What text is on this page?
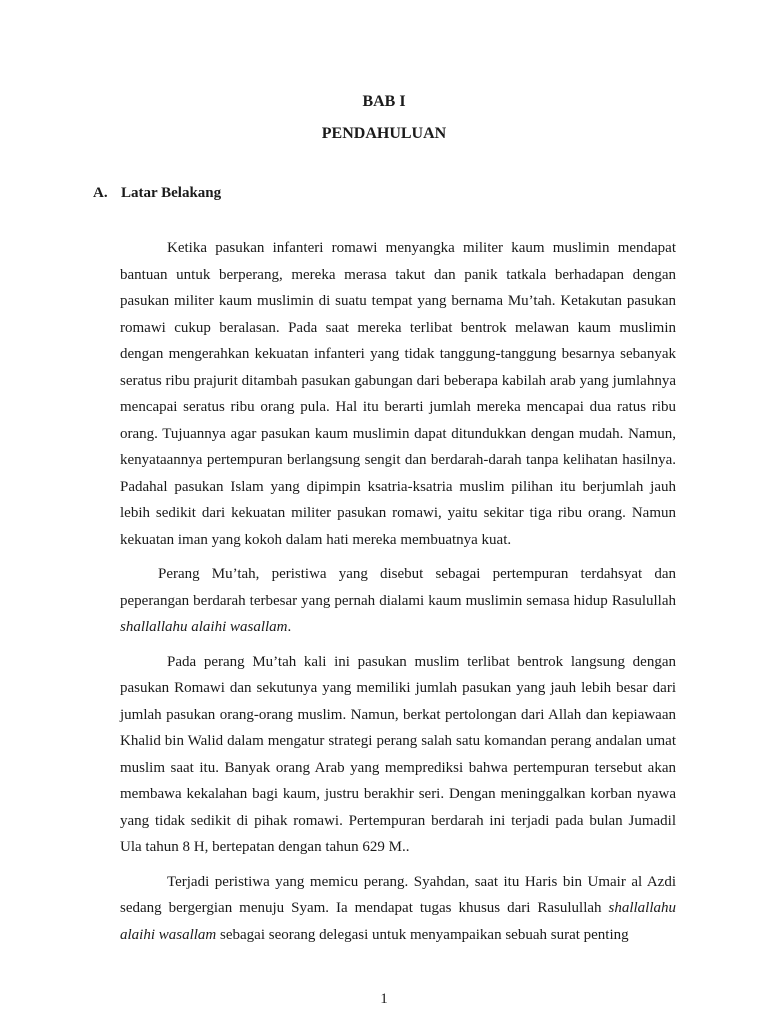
BAB I
PENDAHULUAN
A. Latar Belakang

Ketika pasukan infanteri romawi menyangka militer kaum muslimin mendapat bantuan untuk berperang, mereka merasa takut dan panik tatkala berhadapan dengan pasukan militer kaum muslimin di suatu tempat yang bernama Mu’tah. Ketakutan pasukan romawi cukup beralasan. Pada saat mereka terlibat bentrok melawan kaum muslimin dengan mengerahkan kekuatan infanteri yang tidak tanggung-tanggung besarnya sebanyak seratus ribu prajurit ditambah pasukan gabungan dari beberapa kabilah arab yang jumlahnya mencapai seratus ribu orang pula. Hal itu berarti jumlah mereka mencapai dua ratus ribu orang. Tujuannya agar pasukan kaum muslimin dapat ditundukkan dengan mudah. Namun, kenyataannya pertempuran berlangsung sengit dan berdarah-darah tanpa kelihatan hasilnya. Padahal pasukan Islam yang dipimpin ksatria-ksatria muslim pilihan itu berjumlah jauh lebih sedikit dari kekuatan militer pasukan romawi, yaitu sekitar tiga ribu orang. Namun kekuatan iman yang kokoh dalam hati mereka membuatnya kuat.

Perang Mu’tah, peristiwa yang disebut sebagai pertempuran terdahsyat dan peperangan berdarah terbesar yang pernah dialami kaum muslimin semasa hidup Rasulullah shallallahu alaihi wasallam.

Pada perang Mu’tah kali ini pasukan muslim terlibat bentrok langsung dengan pasukan Romawi dan sekutunya yang memiliki jumlah pasukan yang jauh lebih besar dari jumlah pasukan orang-orang muslim. Namun, berkat pertolongan dari Allah dan kepiawaan Khalid bin Walid dalam mengatur strategi perang salah satu komandan perang andalan umat muslim saat itu. Banyak orang Arab yang memprediksi bahwa pertempuran tersebut akan membawa kekalahan bagi kaum, justru berakhir seri. Dengan meninggalkan korban nyawa yang tidak sedikit di pihak romawi. Pertempuran berdarah ini terjadi pada bulan Jumadil Ula tahun 8 H, bertepatan dengan tahun 629 M..

Terjadi peristiwa yang memicu perang. Syahdan, saat itu Haris bin Umair al Azdi sedang bergergian menuju Syam. Ia mendapat tugas khusus dari Rasulullah shallallahu alaihi wasallam sebagai seorang delegasi untuk menyampaikan sebuah surat penting

1
